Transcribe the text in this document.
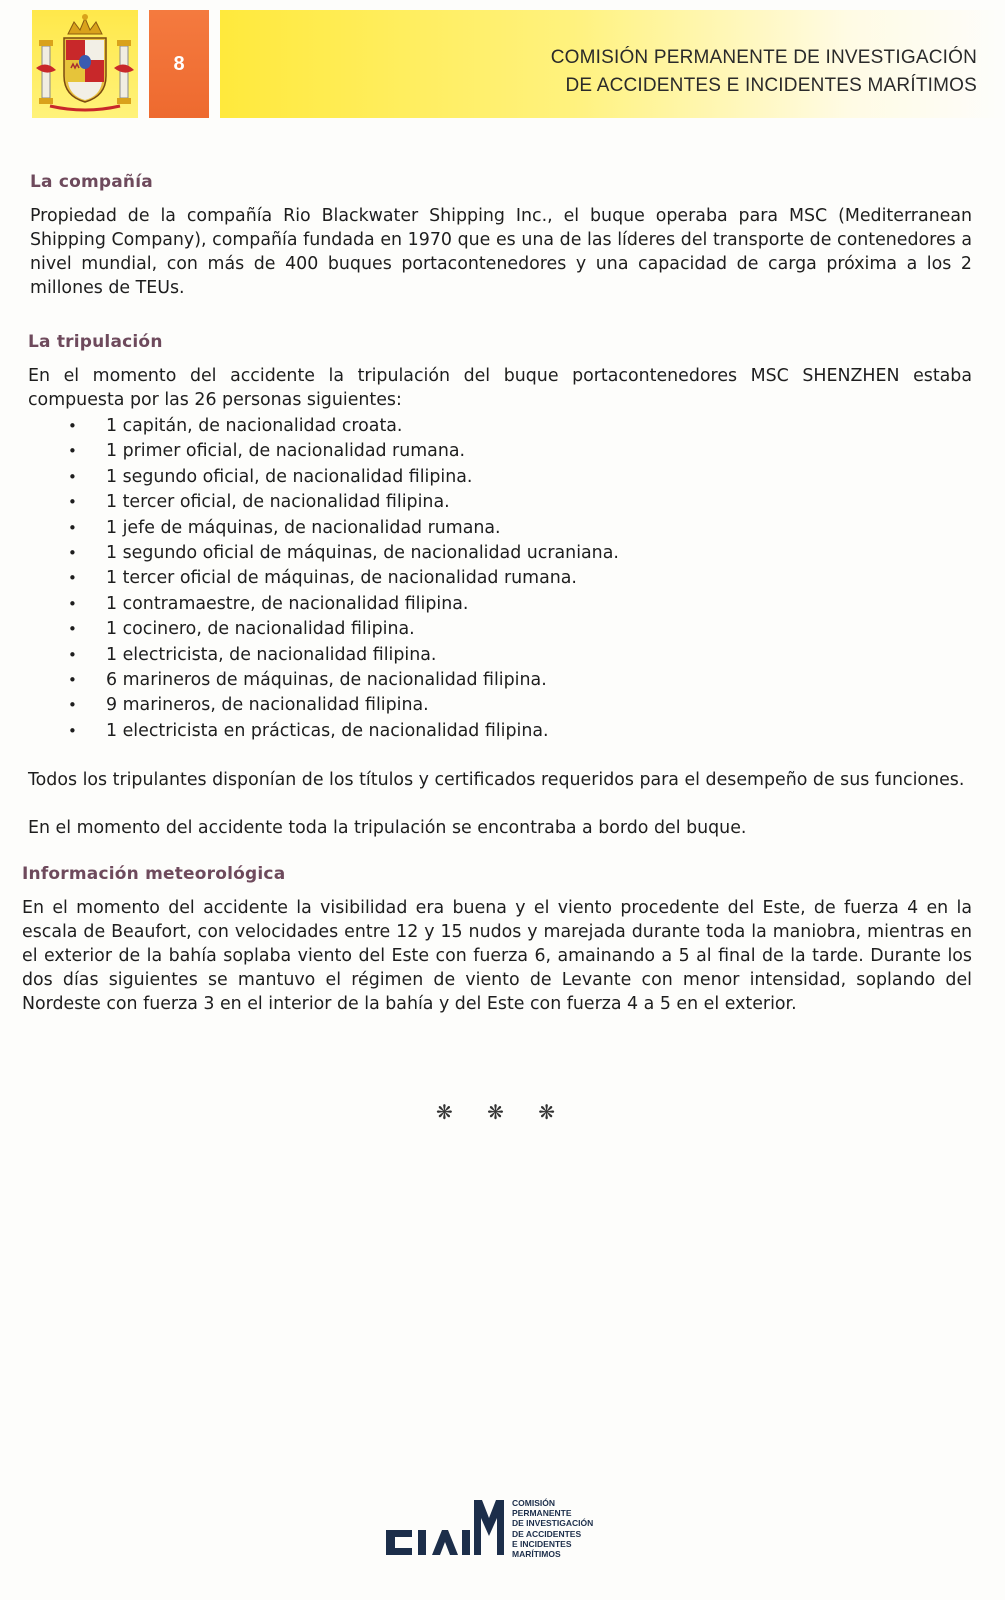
8	COMISIÓN PERMANENTE DE INVESTIGACIÓN
DE ACCIDENTES E INCIDENTES MARÍTIMOS
La compañía

Propiedad de la compañía Rio Blackwater Shipping Inc., el buque operaba para MSC (Mediterranean Shipping Company), compañía fundada en 1970 que es una de las líderes del transporte de contenedores a nivel mundial, con más de 400 buques portacontenedores y una capacidad de carga próxima a los 2 millones de TEUs.

La tripulación

En el momento del accidente la tripulación del buque portacontenedores MSC SHENZHEN estaba compuesta por las 26 personas siguientes:

• 1 capitán, de nacionalidad croata.
• 1 primer oficial, de nacionalidad rumana.
• 1 segundo oficial, de nacionalidad filipina.
• 1 tercer oficial, de nacionalidad filipina.
• 1 jefe de máquinas, de nacionalidad rumana.
• 1 segundo oficial de máquinas, de nacionalidad ucraniana.
• 1 tercer oficial de máquinas, de nacionalidad rumana.
• 1 contramaestre, de nacionalidad filipina.
• 1 cocinero, de nacionalidad filipina.
• 1 electricista, de nacionalidad filipina.
• 6 marineros de máquinas, de nacionalidad filipina.
• 9 marineros, de nacionalidad filipina.
• 1 electricista en prácticas, de nacionalidad filipina.

Todos los tripulantes disponían de los títulos y certificados requeridos para el desempeño de sus funciones.

En el momento del accidente toda la tripulación se encontraba a bordo del buque.

Información meteorológica

En el momento del accidente la visibilidad era buena y el viento procedente del Este, de fuerza 4 en la escala de Beaufort, con velocidades entre 12 y 15 nudos y marejada durante toda la maniobra, mientras en el exterior de la bahía soplaba viento del Este con fuerza 6, amainando a 5 al final de la tarde. Durante los dos días siguientes se mantuvo el régimen de viento de Levante con menor intensidad, soplando del Nordeste con fuerza 3 en el interior de la bahía y del Este con fuerza 4 a 5 en el exterior.

❋ ❋ ❋
COMISIÓN
PERMANENTE
DE INVESTIGACIÓN
DE ACCIDENTES
E INCIDENTES
MARÍTIMOS
